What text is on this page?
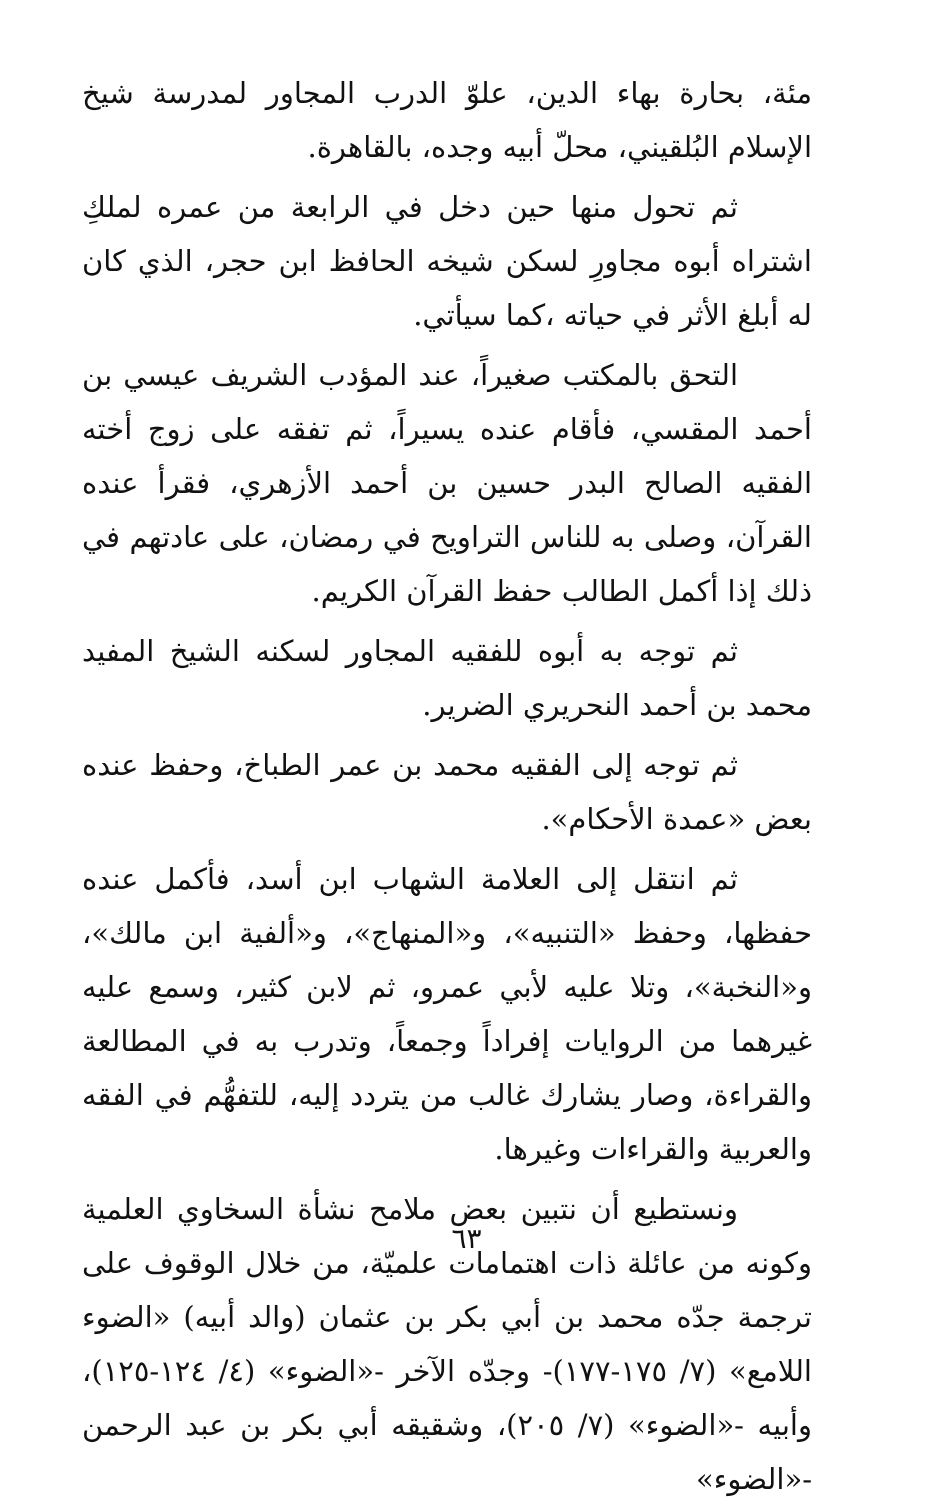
مئة، بحارة بهاء الدين، علوّ الدرب المجاور لمدرسة شيخ الإسلام البُلقيني، محلّ أبيه وجده، بالقاهرة.

ثم تحول منها حين دخل في الرابعة من عمره لملكِ اشتراه أبوه مجاورِ لسكن شيخه الحافظ ابن حجر، الذي كان له أبلغ الأثر في حياته ،كما سيأتي.

التحق بالمكتب صغيراً، عند المؤدب الشريف عيسي بن أحمد المقسي، فأقام عنده يسيراً، ثم تفقه على زوج أخته الفقيه الصالح البدر حسين بن أحمد الأزهري، فقرأ عنده القرآن، وصلى به للناس التراويح في رمضان، على عادتهم في ذلك إذا أكمل الطالب حفظ القرآن الكريم.

ثم توجه به أبوه للفقيه المجاور لسكنه الشيخ المفيد محمد بن أحمد النحريري الضرير.

ثم توجه إلى الفقيه محمد بن عمر الطباخ، وحفظ عنده بعض «عمدة الأحكام».

ثم انتقل إلى العلامة الشهاب ابن أسد، فأكمل عنده حفظها، وحفظ «التنبيه»، و«المنهاج»، و«ألفية ابن مالك»، و«النخبة»، وتلا عليه لأبي عمرو، ثم لابن كثير، وسمع عليه غيرهما من الروايات إفراداً وجمعاً، وتدرب به في المطالعة والقراءة، وصار يشارك غالب من يتردد إليه، للتفهُّم في الفقه والعربية والقراءات وغيرها.

ونستطيع أن نتبين بعض ملامح نشأة السخاوي العلمية وكونه من عائلة ذات اهتمامات علميّة، من خلال الوقوف على ترجمة جدّه محمد بن أبي بكر بن عثمان (والد أبيه) «الضوء اللامع» (٧/ ١٧٥-١٧٧)- وجدّه الآخر -«الضوء» (٤/ ١٢٤-١٢٥)، وأبيه -«الضوء» (٧/ ٢٠٥)، وشقيقه أبي بكر بن عبد الرحمن -«الضوء»

٦٣
